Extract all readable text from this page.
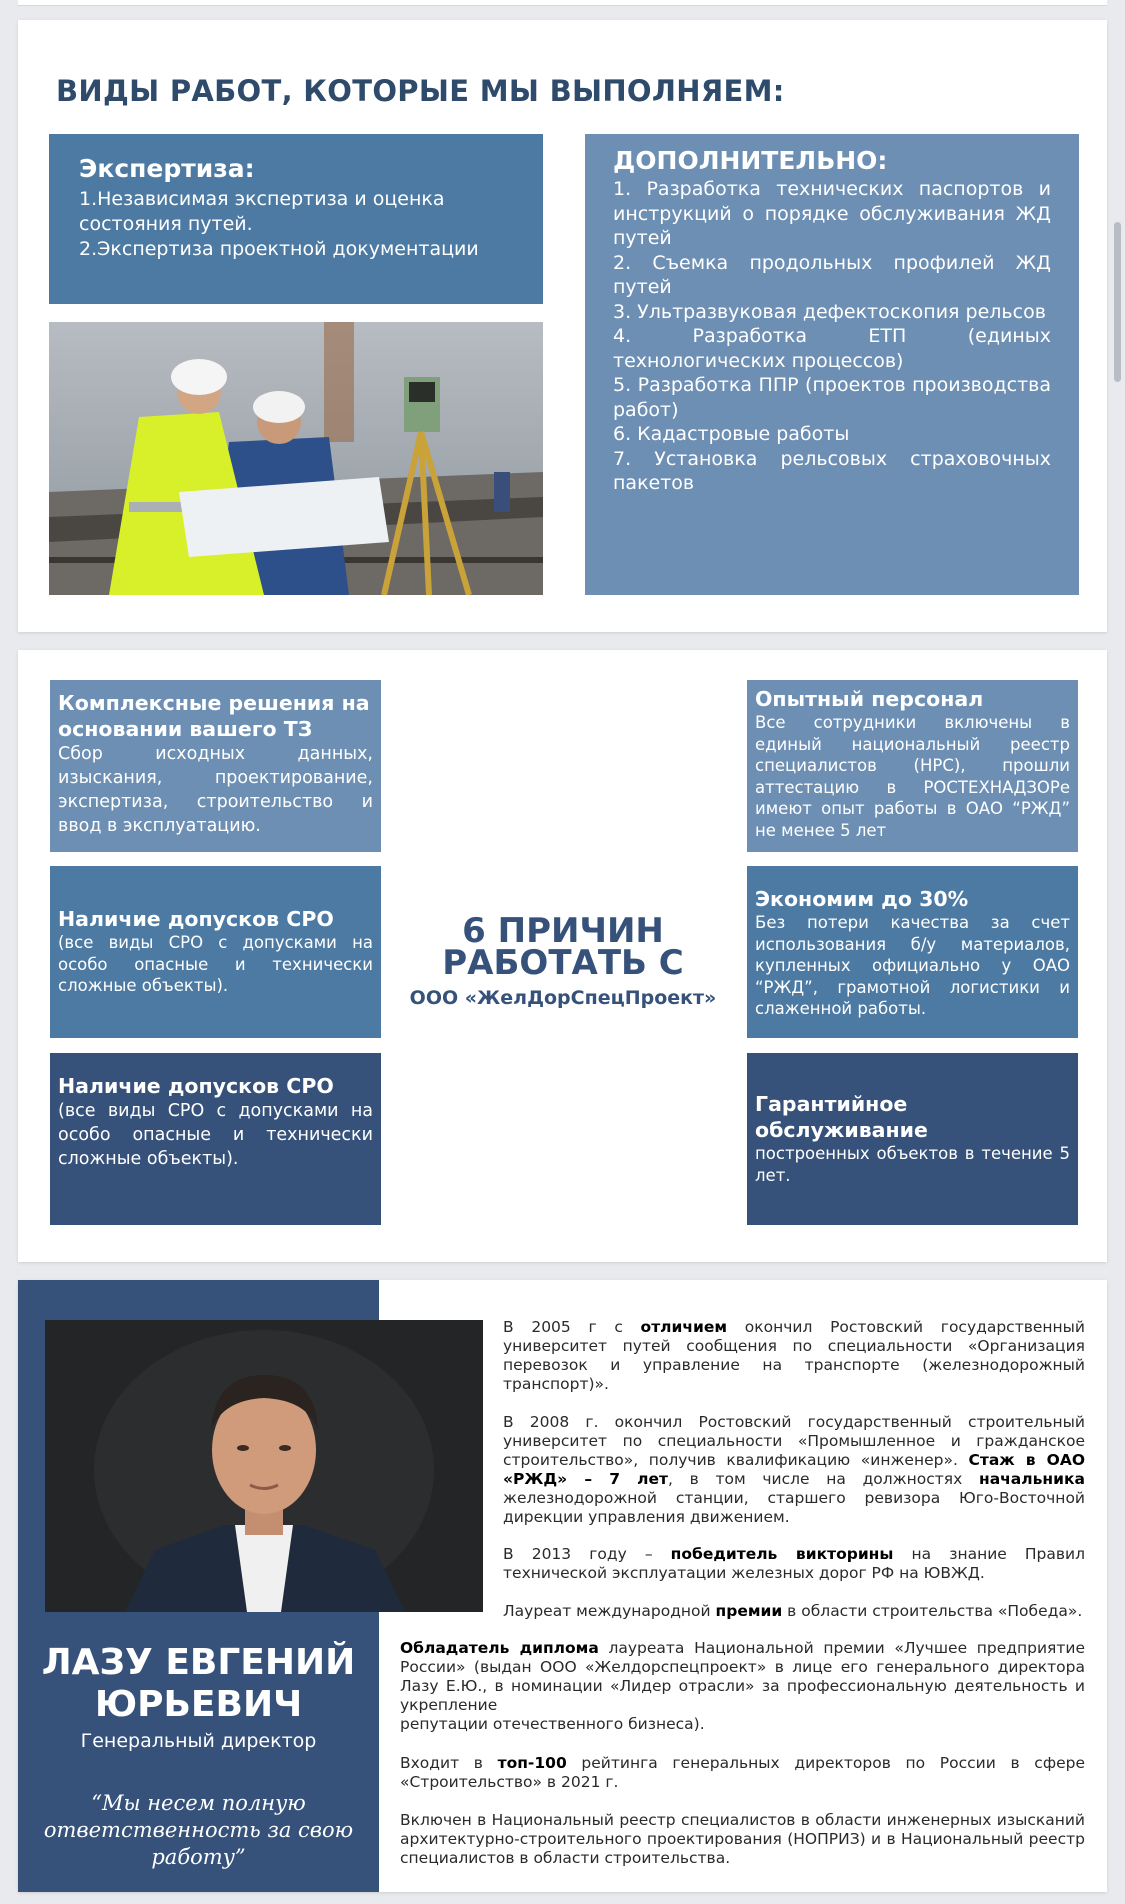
ВИДЫ РАБОТ, КОТОРЫЕ МЫ ВЫПОЛНЯЕМ:
Экспертиза:
1.Независимая экспертиза и оценка состояния путей.
2.Экспертиза проектной документации
ДОПОЛНИТЕЛЬНО:
1. Разработка технических паспортов и инструкций о порядке обслуживания ЖД путей
2. Съемка продольных профилей ЖД путей
3. Ультразвуковая дефектоскопия рельсов
4. Разработка ЕТП (единых технологических процессов)
5. Разработка ППР (проектов производства работ)
6. Кадастровые работы
7. Установка рельсовых страховочных пакетов
Комплексные решения на основании вашего ТЗ
Сбор исходных данных, изыскания, проектирование, экспертиза, строительство и ввод в эксплуатацию.
Наличие допусков СРО
(все виды СРО с допусками на особо опасные и технически сложные объекты).
Наличие допусков СРО
(все виды СРО с допусками на особо опасные и технически сложные объекты).
6 ПРИЧИН
РАБОТАТЬ С
ООО «ЖелДорСпецПроект»
Опытный персонал
Все сотрудники включены в единый национальный реестр специалистов (НРС), прошли аттестацию в РОСТЕХНАДЗОРе имеют опыт работы в ОАО “РЖД” не менее 5 лет
Экономим до 30%
Без потери качества за счет использования б/у материалов, купленных официально у ОАО “РЖД”, грамотной логистики и слаженной работы.
Гарантийное обслуживание
построенных объектов в течение 5 лет.
ЛАЗУ ЕВГЕНИЙ
ЮРЬЕВИЧ
Генеральный директор
“Мы несем полную ответственность за свою работу”
В 2005 г с отличием окончил Ростовский государственный университет путей сообщения по специальности «Организация перевозок и управление на транспорте (железнодорожный транспорт)».
В 2008 г. окончил Ростовский государственный строительный университет по специальности «Промышленное и гражданское строительство», получив квалификацию «инженер». Стаж в ОАО «РЖД» – 7 лет, в том числе на должностях начальника железнодорожной станции, старшего ревизора Юго-Восточной дирекции управления движением.
В 2013 году – победитель викторины на знание Правил технической эксплуатации железных дорог РФ на ЮВЖД.
Лауреат международной премии в области строительства «Победа».
Обладатель диплома лауреата Национальной премии «Лучшее предприятие России» (выдан ООО «Желдорспецпроект» в лице его генерального директора Лазу Е.Ю., в номинации «Лидер отрасли» за профессиональную деятельность и укрепление
репутации отечественного бизнеса).
Входит в топ-100 рейтинга генеральных директоров по России в сфере «Строительство» в 2021 г.
Включен в Национальный реестр специалистов в области инженерных изысканий архитектурно-строительного проектирования (НОПРИЗ) и в Национальный реестр специалистов в области строительства.
